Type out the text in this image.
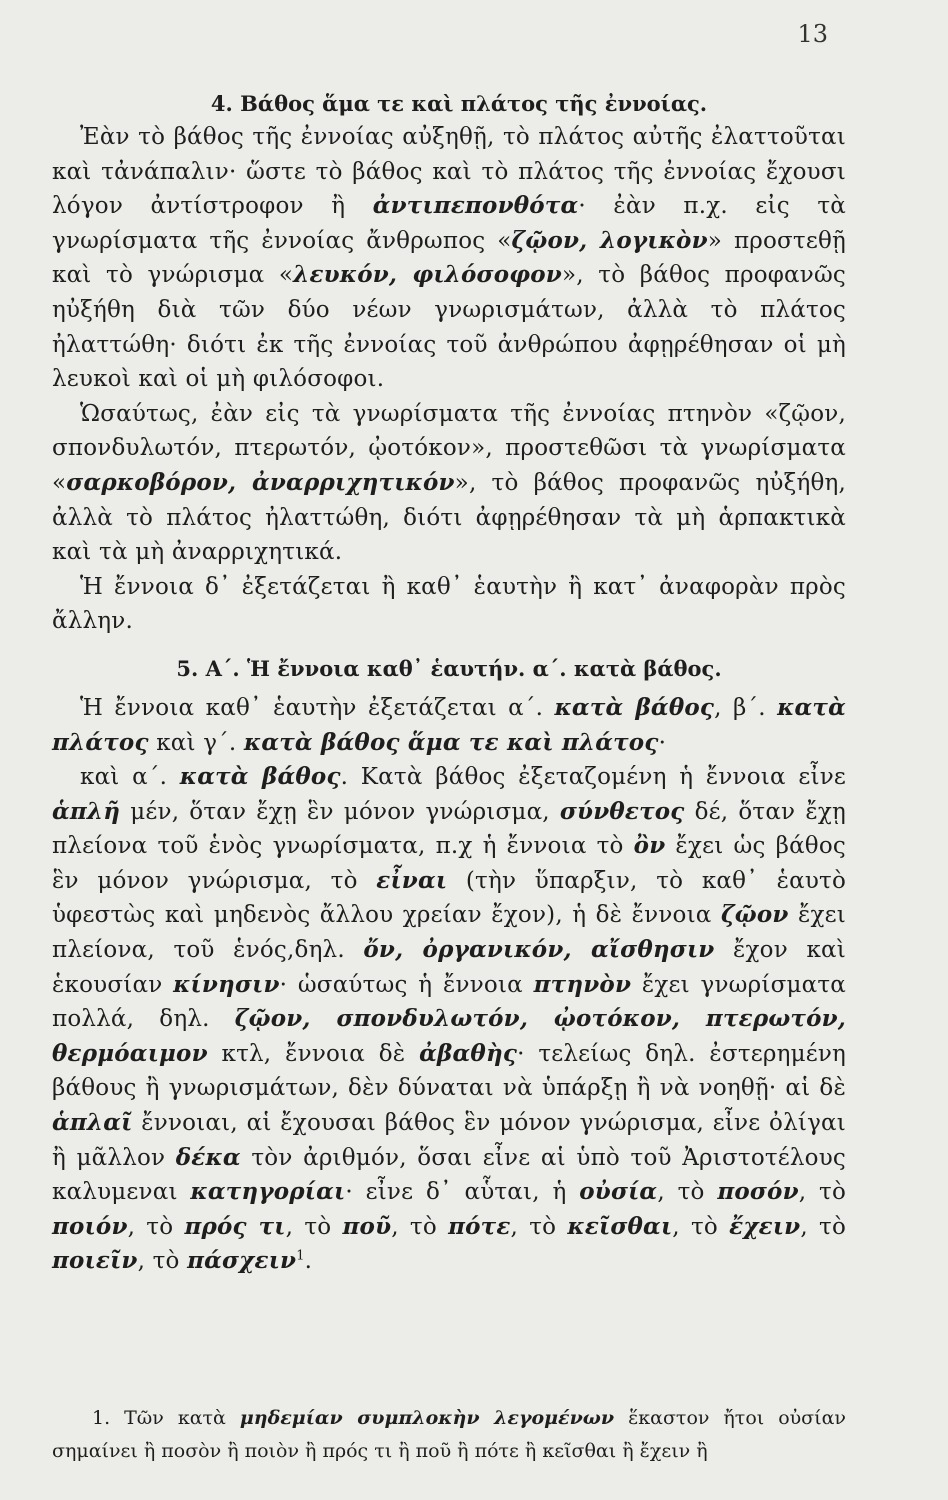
13
4. Βάθος ἅμα τε καὶ πλάτος τῆς ἐννοίας.

Ἐὰν τὸ βάθος τῆς ἐννοίας αὐξηθῇ, τὸ πλάτος αὐτῆς ἐλαττοῦται καὶ τἀνάπαλιν· ὥστε τὸ βάθος καὶ τὸ πλάτος τῆς ἐννοίας ἔχουσι λόγον ἀντίστροφον ἢ ἀντιπεπονθότα· ἐὰν π.χ. εἰς τὰ γνωρίσματα τῆς ἐννοίας ἄνθρωπος «ζῷον, λογικὸν» προστεθῇ καὶ τὸ γνώρισμα «λευκόν, φιλόσοφον», τὸ βάθος προφανῶς ηὐξήθη διὰ τῶν δύο νέων γνωρισμάτων, ἀλλὰ τὸ πλάτος ἠλαττώθη· διότι ἐκ τῆς ἐννοίας τοῦ ἀνθρώπου ἀφῃρέθησαν οἱ μὴ λευκοὶ καὶ οἱ μὴ φιλόσοφοι.

Ὡσαύτως, ἐὰν εἰς τὰ γνωρίσματα τῆς ἐννοίας πτηνὸν «ζῷον, σπονδυλωτόν, πτερωτόν, ᾠοτόκον», προστεθῶσι τὰ γνωρίσματα «σαρκοβόρον, ἀναρριχητικόν», τὸ βάθος προφανῶς ηὐξήθη, ἀλλὰ τὸ πλάτος ἠλαττώθη, διότι ἀφῃρέθησαν τὰ μὴ ἁρπακτικὰ καὶ τὰ μὴ ἀναρριχητικά.

Ἡ ἔννοια δ᾽ ἐξετάζεται ἢ καθ᾽ ἑαυτὴν ἢ κατ᾽ ἀναφορὰν πρὸς ἄλλην.

5. Α΄. Ἡ ἔννοια καθ᾽ ἑαυτήν. α΄. κατὰ βάθος.

Ἡ ἔννοια καθ᾽ ἑαυτὴν ἐξετάζεται α΄. κατὰ βάθος, β΄. κατὰ πλάτος καὶ γ΄. κατὰ βάθος ἅμα τε καὶ πλάτος·

καὶ α΄. κατὰ βάθος. Κατὰ βάθος ἐξεταζομένη ἡ ἔννοια εἶνε ἁπλῆ μέν, ὅταν ἔχῃ ἓν μόνον γνώρισμα, σύνθετος δέ, ὅταν ἔχῃ πλείονα τοῦ ἑνὸς γνωρίσματα, π.χ ἡ ἔννοια τὸ ὂν ἔχει ὡς βάθος ἓν μόνον γνώρισμα, τὸ εἶναι (τὴν ὕπαρξιν, τὸ καθ᾽ ἑαυτὸ ὑφεστὼς καὶ μηδενὸς ἄλλου χρείαν ἔχον), ἡ δὲ ἔννοια ζῷον ἔχει πλείονα, τοῦ ἑνός,δηλ. ὄν, ὀργανικόν, αἴσθησιν ἔχον καὶ ἑκουσίαν κίνησιν· ὡσαύτως ἡ ἔννοια πτηνὸν ἔχει γνωρίσματα πολλά, δηλ. ζῷον, σπονδυλωτόν, ᾠοτόκον, πτερωτόν, θερμόαιμον κτλ, ἔννοια δὲ ἀβαθὴς· τελείως δηλ. ἐστερημένη βάθους ἢ γνωρισμάτων, δὲν δύναται νὰ ὑπάρξῃ ἢ νὰ νοηθῇ· αἱ δὲ ἁπλαῖ ἔννοιαι, αἱ ἔχουσαι βάθος ἓν μόνον γνώρισμα, εἶνε ὀλίγαι ἢ μᾶλλον δέκα τὸν ἀριθμόν, ὅσαι εἶνε αἱ ὑπὸ τοῦ Ἀριστοτέλους καλυμεναι κατηγορίαι· εἶνε δ᾽ αὗται, ἡ οὐσία, τὸ ποσόν, τὸ ποιόν, τὸ πρός τι, τὸ ποῦ, τὸ πότε, τὸ κεῖσθαι, τὸ ἔχειν, τὸ ποιεῖν, τὸ πάσχειν$^1$.

1. Τῶν κατὰ μηδεμίαν συμπλοκὴν λεγομένων ἕκαστον ἤτοι οὐσίαν σημαίνει ἢ ποσὸν ἢ ποιὸν ἢ πρός τι ἢ ποῦ ἢ πότε ἢ κεῖσθαι ἢ ἔχειν ἢ
